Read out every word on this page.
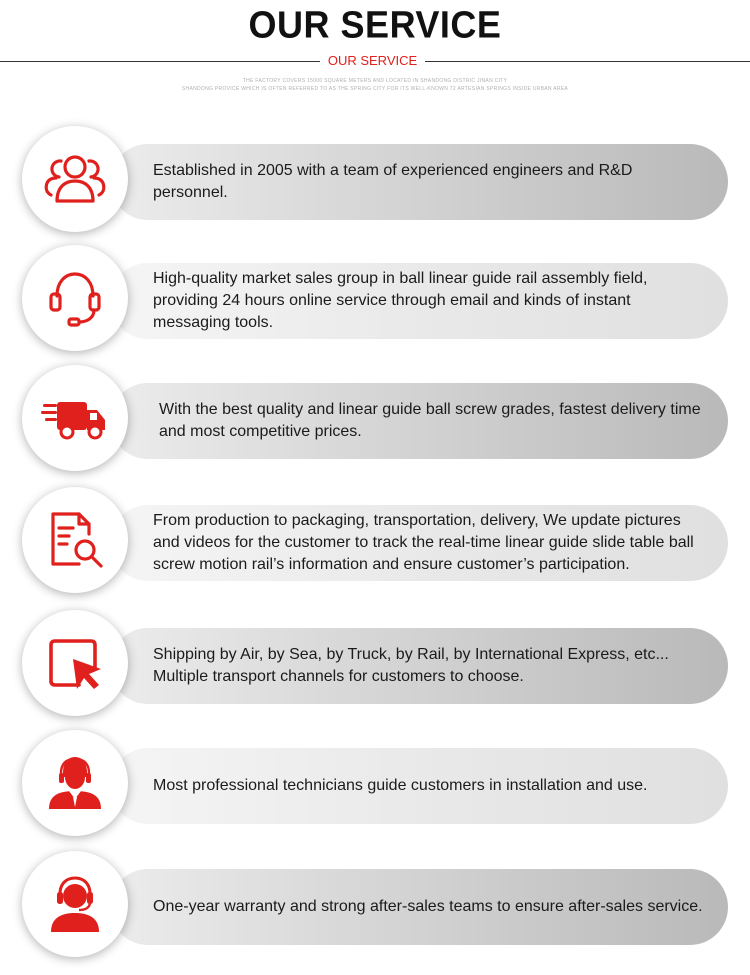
OUR SERVICE
OUR SERVICE
THE FACTORY COVERS 15000 SQUARE METERS AND LOCATED IN SHANDONG DISTRIC JINAN CITY
SHANDONG PROVICE WHICH IS OFTEN REFERRED TO AS THE SPRING CITY FOR ITS WELL-KNOWN 72 ARTESIAN SPRINGS INSIDE URBAN AREA
Established in 2005 with a team of experienced engineers and R&D personnel.
High-quality market sales group in ball linear guide rail assembly field, providing 24 hours online service through email and kinds of instant messaging tools.
With the best quality and linear guide ball screw grades, fastest delivery time and most competitive prices.
From production to packaging, transportation, delivery, We update pictures and videos for the customer to track the real-time linear guide slide table ball screw motion rail’s information and ensure customer’s participation.
Shipping by Air, by Sea, by Truck, by Rail, by International Express, etc... Multiple transport channels for customers to choose.
Most professional technicians guide customers in installation and use.
One-year warranty and strong after-sales teams to ensure after-sales service.
